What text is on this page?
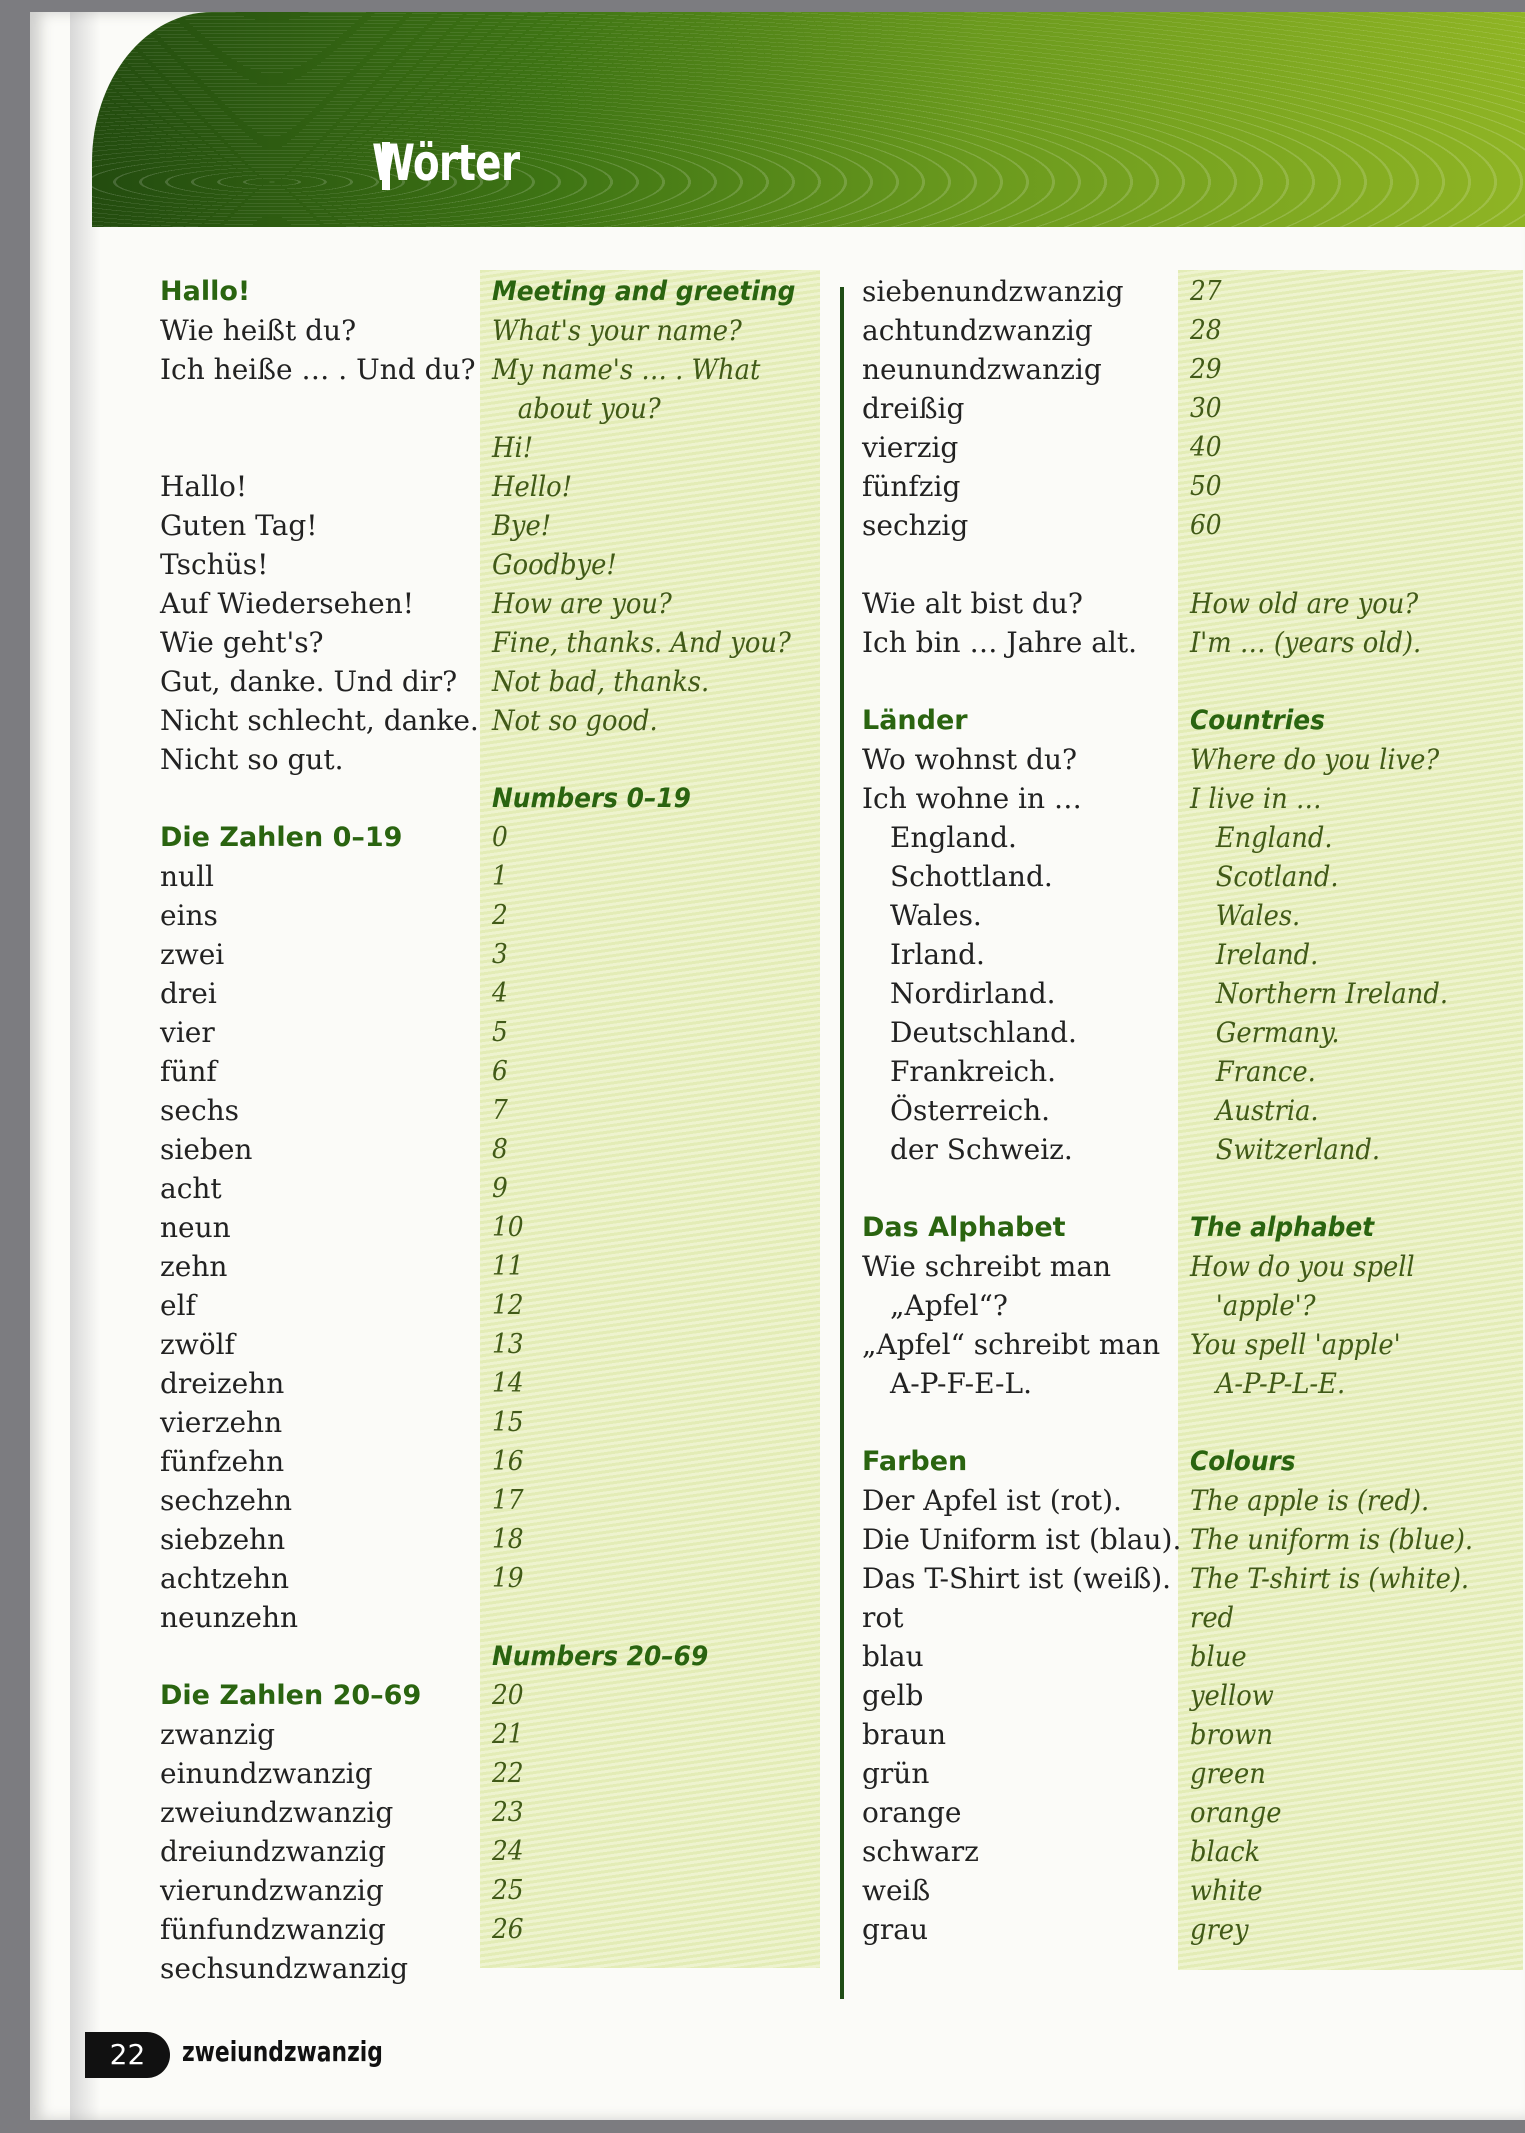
Wörter
Hallo!
Wie heißt du?
Ich heiße … . Und du?
Hallo!
Guten Tag!
Tschüs!
Auf Wiedersehen!
Wie geht's?
Gut, danke. Und dir?
Nicht schlecht, danke.
Nicht so gut.
Die Zahlen 0–19
null
eins
zwei
drei
vier
fünf
sechs
sieben
acht
neun
zehn
elf
zwölf
dreizehn
vierzehn
fünfzehn
sechzehn
siebzehn
achtzehn
neunzehn
Die Zahlen 20–69
zwanzig
einundzwanzig
zweiundzwanzig
dreiundzwanzig
vierundzwanzig
fünfundzwanzig
sechsundzwanzig
Meeting and greeting
What's your name?
My name's … . What
about you?
Hi!
Hello!
Bye!
Goodbye!
How are you?
Fine, thanks. And you?
Not bad, thanks.
Not so good.
Numbers 0–19
0
1
2
3
4
5
6
7
8
9
10
11
12
13
14
15
16
17
18
19
Numbers 20–69
20
21
22
23
24
25
26
siebenundzwanzig
achtundzwanzig
neunundzwanzig
dreißig
vierzig
fünfzig
sechzig
Wie alt bist du?
Ich bin … Jahre alt.
Länder
Wo wohnst du?
Ich wohne in …
England.
Schottland.
Wales.
Irland.
Nordirland.
Deutschland.
Frankreich.
Österreich.
der Schweiz.
Das Alphabet
Wie schreibt man
„Apfel“?
„Apfel“ schreibt man
A-P-F-E-L.
Farben
Der Apfel ist (rot).
Die Uniform ist (blau).
Das T-Shirt ist (weiß).
rot
blau
gelb
braun
grün
orange
schwarz
weiß
grau
27
28
29
30
40
50
60
How old are you?
I'm … (years old).
Countries
Where do you live?
I live in …
England.
Scotland.
Wales.
Ireland.
Northern Ireland.
Germany.
France.
Austria.
Switzerland.
The alphabet
How do you spell
'apple'?
You spell 'apple'
A-P-P-L-E.
Colours
The apple is (red).
The uniform is (blue).
The T-shirt is (white).
red
blue
yellow
brown
green
orange
black
white
grey
22	zweiundzwanzig
